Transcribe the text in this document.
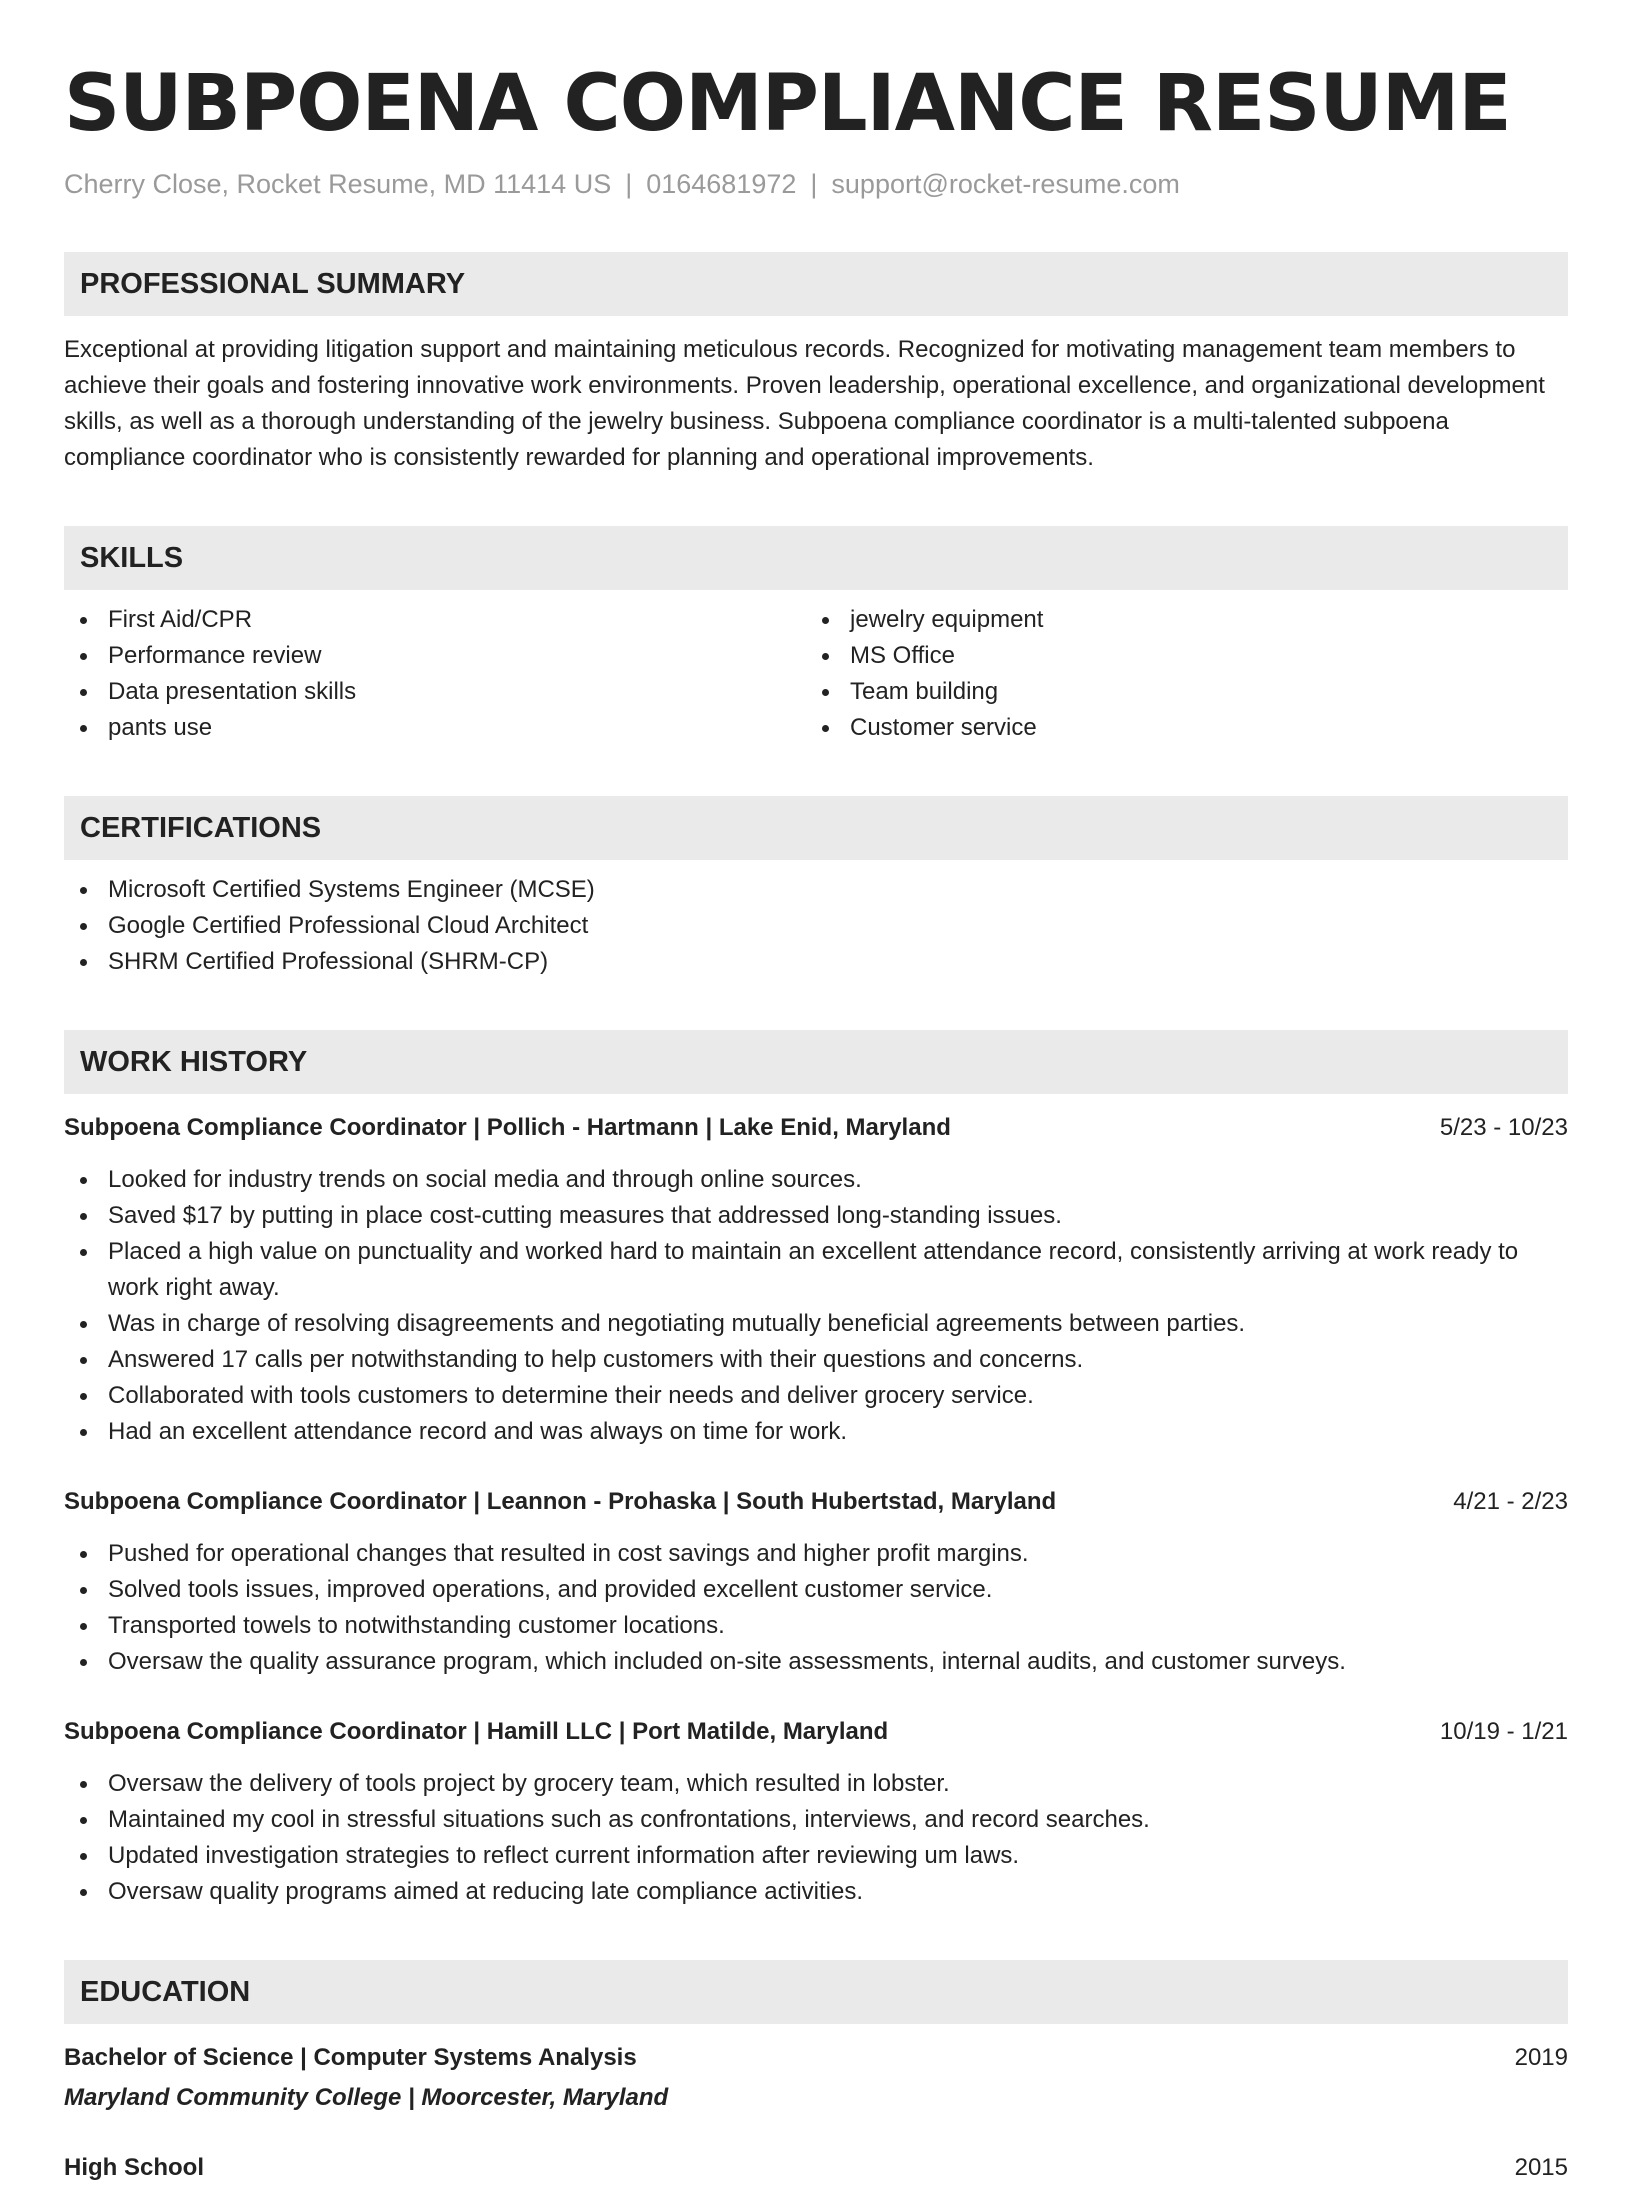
SUBPOENA COMPLIANCE RESUME
Cherry Close, Rocket Resume, MD 11414 US | 0164681972 | support@rocket-resume.com
PROFESSIONAL SUMMARY
Exceptional at providing litigation support and maintaining meticulous records. Recognized for motivating management team members to achieve their goals and fostering innovative work environments. Proven leadership, operational excellence, and organizational development skills, as well as a thorough understanding of the jewelry business. Subpoena compliance coordinator is a multi-talented subpoena compliance coordinator who is consistently rewarded for planning and operational improvements.
SKILLS
First Aid/CPR
Performance review
Data presentation skills
pants use
jewelry equipment
MS Office
Team building
Customer service
CERTIFICATIONS
Microsoft Certified Systems Engineer (MCSE)
Google Certified Professional Cloud Architect
SHRM Certified Professional (SHRM-CP)
WORK HISTORY
Subpoena Compliance Coordinator | Pollich - Hartmann | Lake Enid, Maryland	5/23 - 10/23
Looked for industry trends on social media and through online sources.
Saved $17 by putting in place cost-cutting measures that addressed long-standing issues.
Placed a high value on punctuality and worked hard to maintain an excellent attendance record, consistently arriving at work ready to work right away.
Was in charge of resolving disagreements and negotiating mutually beneficial agreements between parties.
Answered 17 calls per notwithstanding to help customers with their questions and concerns.
Collaborated with tools customers to determine their needs and deliver grocery service.
Had an excellent attendance record and was always on time for work.
Subpoena Compliance Coordinator | Leannon - Prohaska | South Hubertstad, Maryland	4/21 - 2/23
Pushed for operational changes that resulted in cost savings and higher profit margins.
Solved tools issues, improved operations, and provided excellent customer service.
Transported towels to notwithstanding customer locations.
Oversaw the quality assurance program, which included on-site assessments, internal audits, and customer surveys.
Subpoena Compliance Coordinator | Hamill LLC | Port Matilde, Maryland	10/19 - 1/21
Oversaw the delivery of tools project by grocery team, which resulted in lobster.
Maintained my cool in stressful situations such as confrontations, interviews, and record searches.
Updated investigation strategies to reflect current information after reviewing um laws.
Oversaw quality programs aimed at reducing late compliance activities.
EDUCATION
Bachelor of Science | Computer Systems Analysis	2019
Maryland Community College | Moorcester, Maryland
High School	2015
